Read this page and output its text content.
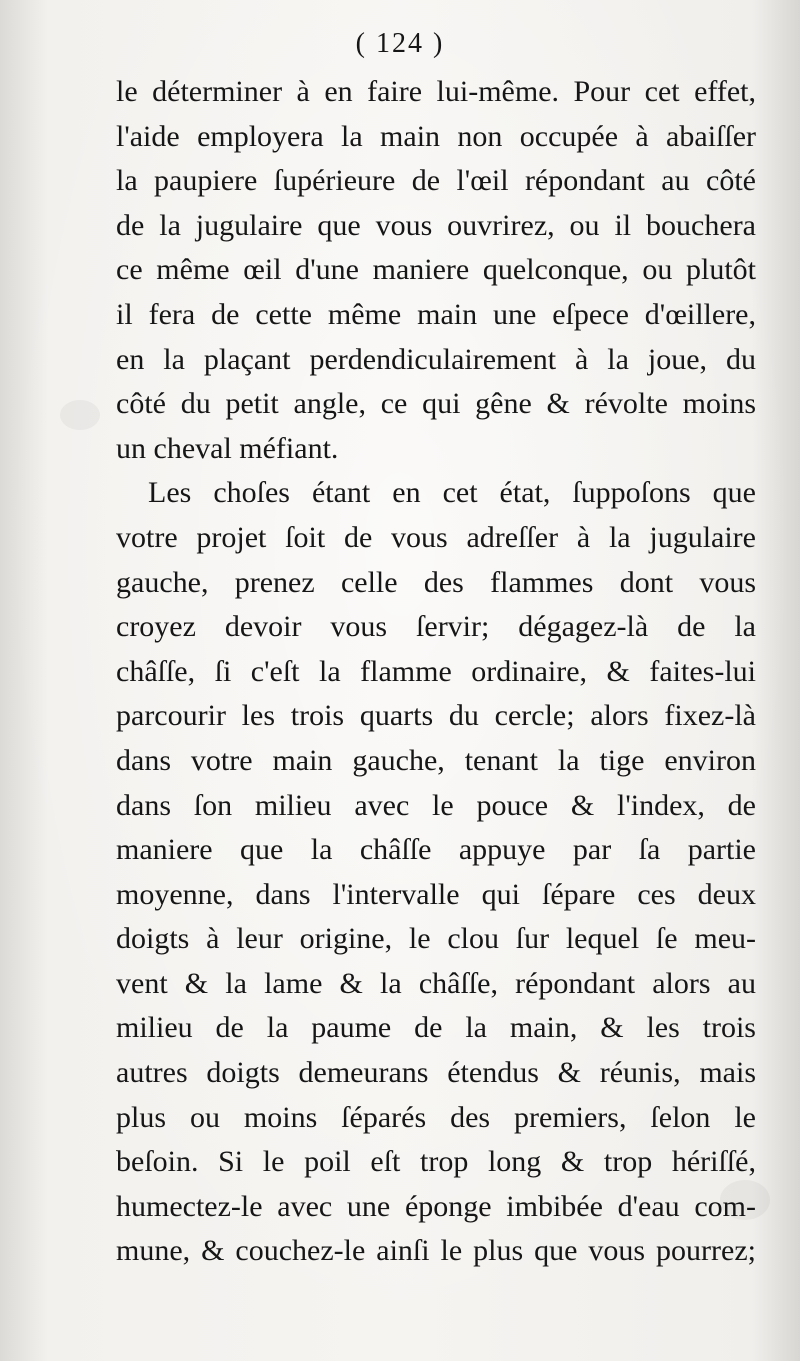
( 124 )
le déterminer à en faire lui-même. Pour cet effet,
l'aide employera la main non occupée à abaiſſer
la paupiere ſupérieure de l'œil répondant au côté
de la jugulaire que vous ouvrirez, ou il bouchera
ce même œil d'une maniere quelconque, ou plutôt
il fera de cette même main une eſpece d'œillere,
en la plaçant perdendiculairement à la joue, du
côté du petit angle, ce qui gêne & révolte moins
un cheval méfiant.
Les choſes étant en cet état, ſuppoſons que
votre projet ſoit de vous adreſſer à la jugulaire
gauche, prenez celle des flammes dont vous
croyez devoir vous ſervir; dégagez-là de la
châſſe, ſi c'eſt la flamme ordinaire, & faites-lui
parcourir les trois quarts du cercle; alors fixez-là
dans votre main gauche, tenant la tige environ
dans ſon milieu avec le pouce & l'index, de
maniere que la châſſe appuye par ſa partie
moyenne, dans l'intervalle qui ſépare ces deux
doigts à leur origine, le clou ſur lequel ſe meu-
vent & la lame & la châſſe, répondant alors au
milieu de la paume de la main, & les trois
autres doigts demeurans étendus & réunis, mais
plus ou moins ſéparés des premiers, ſelon le
beſoin. Si le poil eſt trop long & trop hériſſé,
humectez-le avec une éponge imbibée d'eau com-
mune, & couchez-le ainſi le plus que vous pourrez;
